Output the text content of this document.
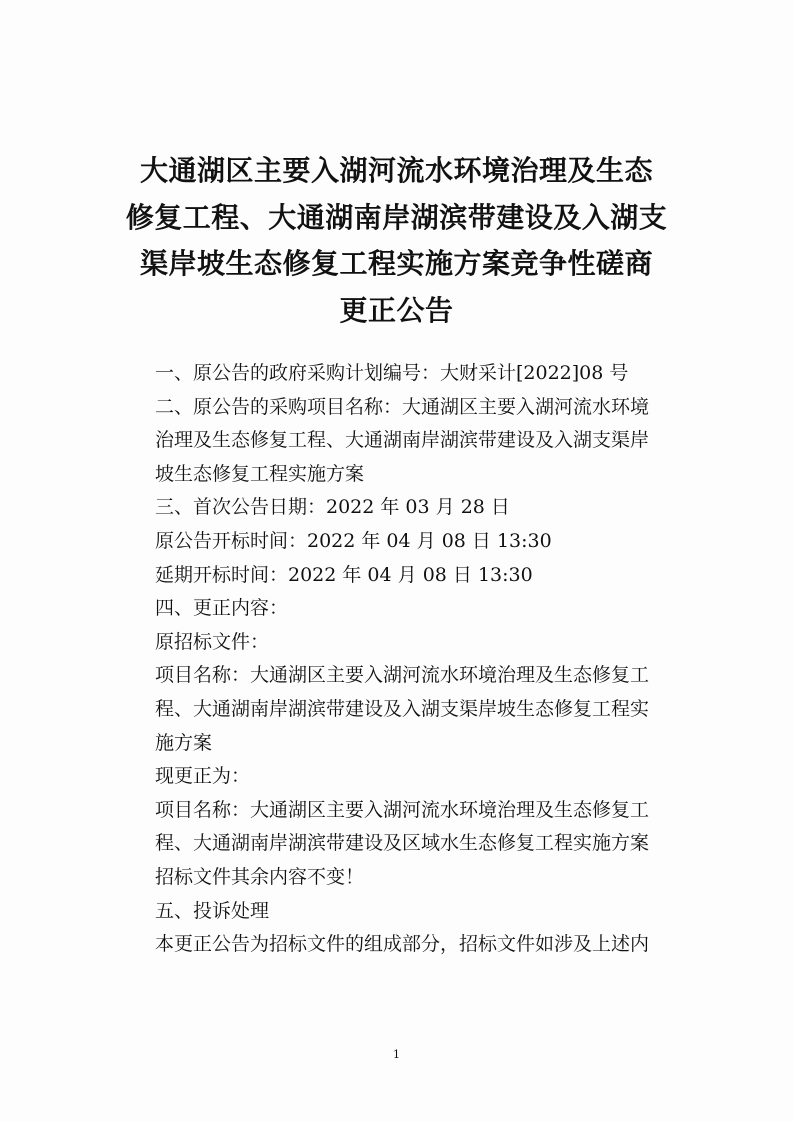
大通湖区主要入湖河流水环境治理及生态
修复工程、大通湖南岸湖滨带建设及入湖支
渠岸坡生态修复工程实施方案竞争性磋商
更正公告
一、原公告的政府采购计划编号：大财采计[2022]08 号
二、原公告的采购项目名称：大通湖区主要入湖河流水环境
治理及生态修复工程、大通湖南岸湖滨带建设及入湖支渠岸
坡生态修复工程实施方案
三、首次公告日期：2022 年 03 月 28 日
原公告开标时间：2022 年 04 月 08 日 13:30
延期开标时间：2022 年 04 月 08 日 13:30
四、更正内容：
原招标文件：
项目名称：大通湖区主要入湖河流水环境治理及生态修复工
程、大通湖南岸湖滨带建设及入湖支渠岸坡生态修复工程实
施方案
现更正为：
项目名称：大通湖区主要入湖河流水环境治理及生态修复工
程、大通湖南岸湖滨带建设及区域水生态修复工程实施方案
招标文件其余内容不变！
五、投诉处理
本更正公告为招标文件的组成部分，招标文件如涉及上述内
1
